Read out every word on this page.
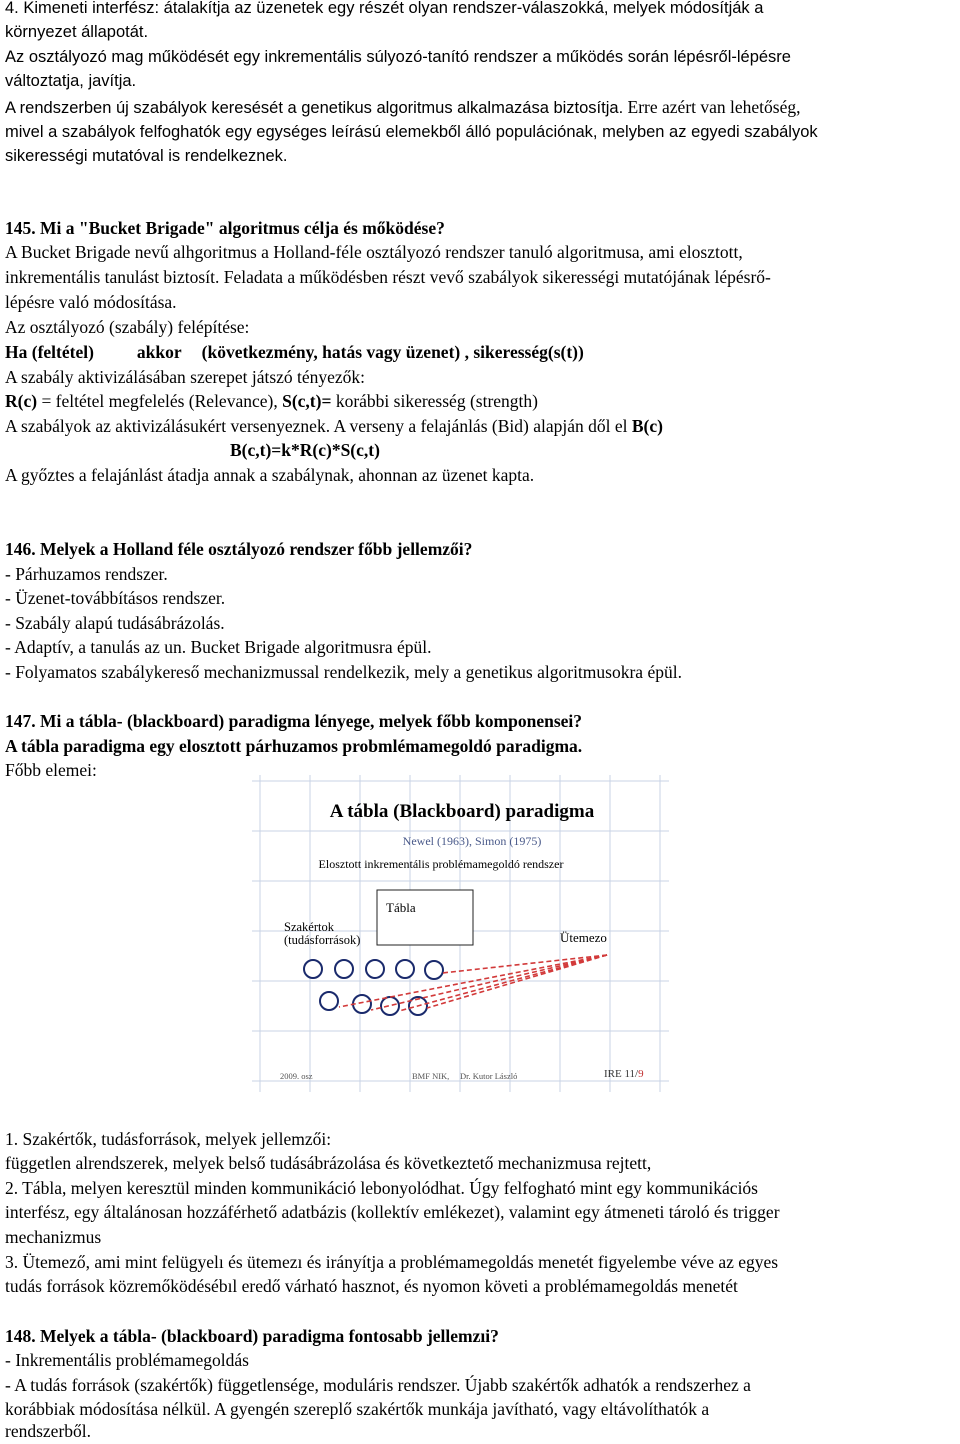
4. Kimeneti interfész: átalakítja az üzenetek egy részét olyan rendszer-válaszokká, melyek módosítják a
környezet állapotát.
Az osztályozó mag működését egy inkrementális súlyozó-tanító rendszer a működés során lépésről-lépésre
változtatja, javítja.
A rendszerben új szabályok keresését a genetikus algoritmus alkalmazása biztosítja. Erre azért van lehetőség,
mivel a szabályok felfoghatók egy egységes leírású elemekből álló populációnak, melyben az egyedi szabályok
sikerességi mutatóval is rendelkeznek.
145. Mi a "Bucket Brigade" algoritmus célja és mőködése?
A Bucket Brigade nevű alhgoritmus a Holland-féle osztályozó rendszer tanuló algoritmusa, ami elosztott,
inkrementális tanulást biztosít. Feladata a működésben részt vevő szabályok sikerességi mutatójának lépésrő-
lépésre való módosítása.
Az osztályozó (szabály) felépítése:
Ha (feltétel) akkor (következmény, hatás vagy üzenet) , sikeresség(s(t))
A szabály aktivizálásában szerepet játszó tényezők:
R(c) = feltétel megfelelés (Relevance), S(c,t)= korábbi sikeresség (strength)
A szabályok az aktivizálásukért versenyeznek. A verseny a felajánlás (Bid) alapján dől el B(c)
B(c,t)=k*R(c)*S(c,t)
A győztes a felajánlást átadja annak a szabálynak, ahonnan az üzenet kapta.
146. Melyek a Holland féle osztályozó rendszer főbb jellemzői?
- Párhuzamos rendszer.
- Üzenet-továbbításos rendszer.
- Szabály alapú tudásábrázolás.
- Adaptív, a tanulás az un. Bucket Brigade algoritmusra épül.
- Folyamatos szabálykereső mechanizmussal rendelkezik, mely a genetikus algoritmusokra épül.
147. Mi a tábla- (blackboard) paradigma lényege, melyek főbb komponensei?
A tábla paradigma egy elosztott párhuzamos probmlémamegoldó paradigma.
Főbb elemei:
A tábla (Blackboard) paradigma
Newel (1963), Simon (1975)
Elosztott inkrementális problémamegoldó rendszer
Tábla
Szakértok
(tudásforrások)	Ütemezo
2009. osz	BMF NIK, Dr. Kutor László	IRE 11/9
1. Szakértők, tudásforrások, melyek jellemzői:
független alrendszerek, melyek belső tudásábrázolása és következtető mechanizmusa rejtett,
2. Tábla, melyen keresztül minden kommunikáció lebonyolódhat. Úgy felfogható mint egy kommunikációs
interfész, egy általánosan hozzáférhető adatbázis (kollektív emlékezet), valamint egy átmeneti tároló és trigger
mechanizmus
3. Ütemező, ami mint felügyelı és ütemezı és irányítja a problémamegoldás menetét figyelembe véve az egyes
tudás források közremőködésébıl eredő várható hasznot, és nyomon követi a problémamegoldás menetét
148. Melyek a tábla- (blackboard) paradigma fontosabb jellemzıi?
- Inkrementális problémamegoldás
- A tudás források (szakértők) függetlensége, moduláris rendszer. Újabb szakértők adhatók a rendszerhez a
korábbiak módosítása nélkül. A gyengén szereplő szakértők munkája javítható, vagy eltávolíthatók a
rendszerből.
